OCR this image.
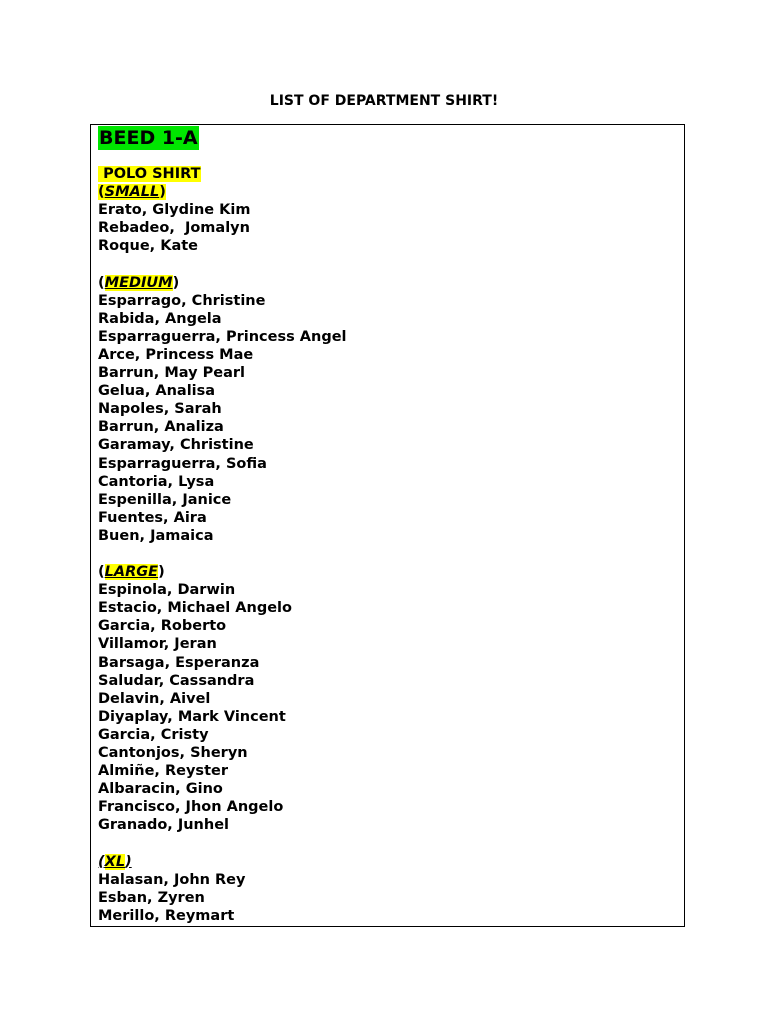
LIST OF DEPARTMENT SHIRT!
BEED 1-A
POLO SHIRT
(SMALL)
Erato, Glydine Kim
Rebadeo,  Jomalyn
Roque, Kate
(MEDIUM)
Esparrago, Christine
Rabida, Angela
Esparraguerra, Princess Angel
Arce, Princess Mae
Barrun, May Pearl
Gelua, Analisa
Napoles, Sarah
Barrun, Analiza
Garamay, Christine
Esparraguerra, Sofia
Cantoria, Lysa
Espenilla, Janice
Fuentes, Aira
Buen, Jamaica
(LARGE)
Espinola, Darwin
Estacio, Michael Angelo
Garcia, Roberto
Villamor, Jeran
Barsaga, Esperanza
Saludar, Cassandra
Delavin, Aivel
Diyaplay, Mark Vincent
Garcia, Cristy
Cantonjos, Sheryn
Almiñe, Reyster
Albaracin, Gino
Francisco, Jhon Angelo
Granado, Junhel
(XL)
Halasan, John Rey
Esban, Zyren
Merillo, Reymart
